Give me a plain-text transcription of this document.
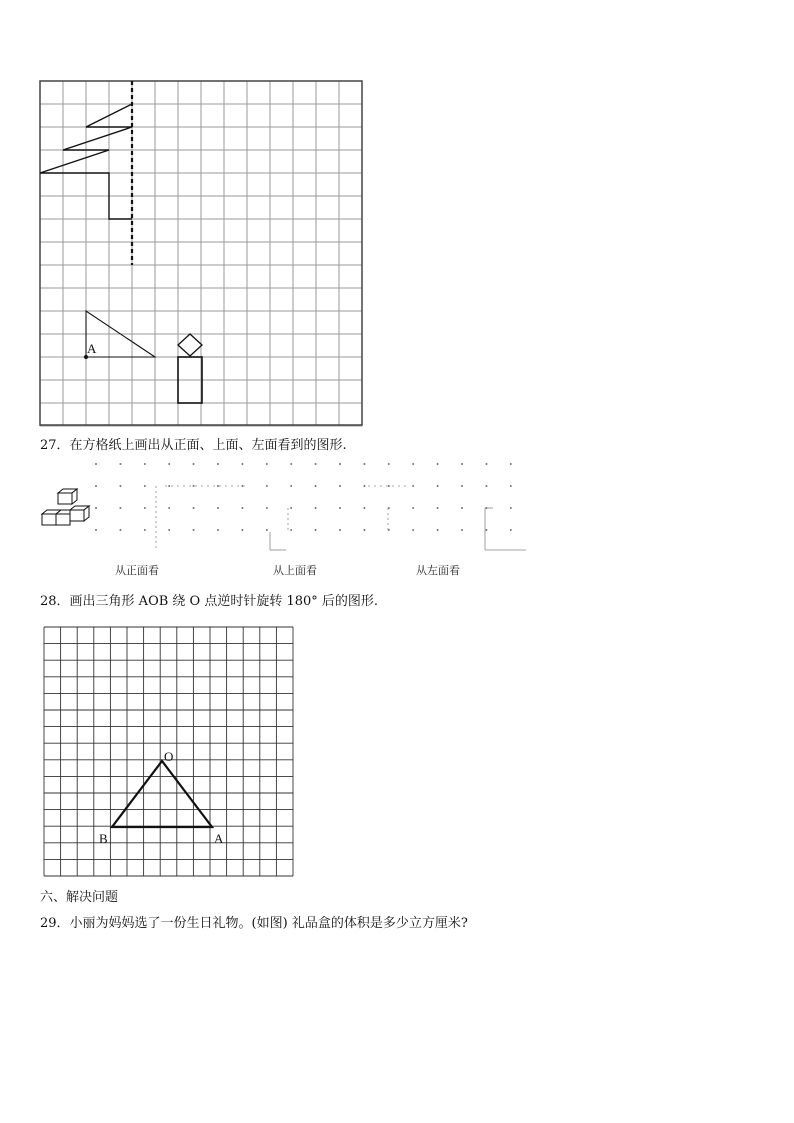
A
27．在方格纸上画出从正面、上面、左面看到的图形.
从正面看	从上面看	从左面看
28．画出三角形 AOB 绕 O 点逆时针旋转 180° 后的图形.
O
B	A
六、解决问题
29．小丽为妈妈选了一份生日礼物。(如图) 礼品盒的体积是多少立方厘米?
